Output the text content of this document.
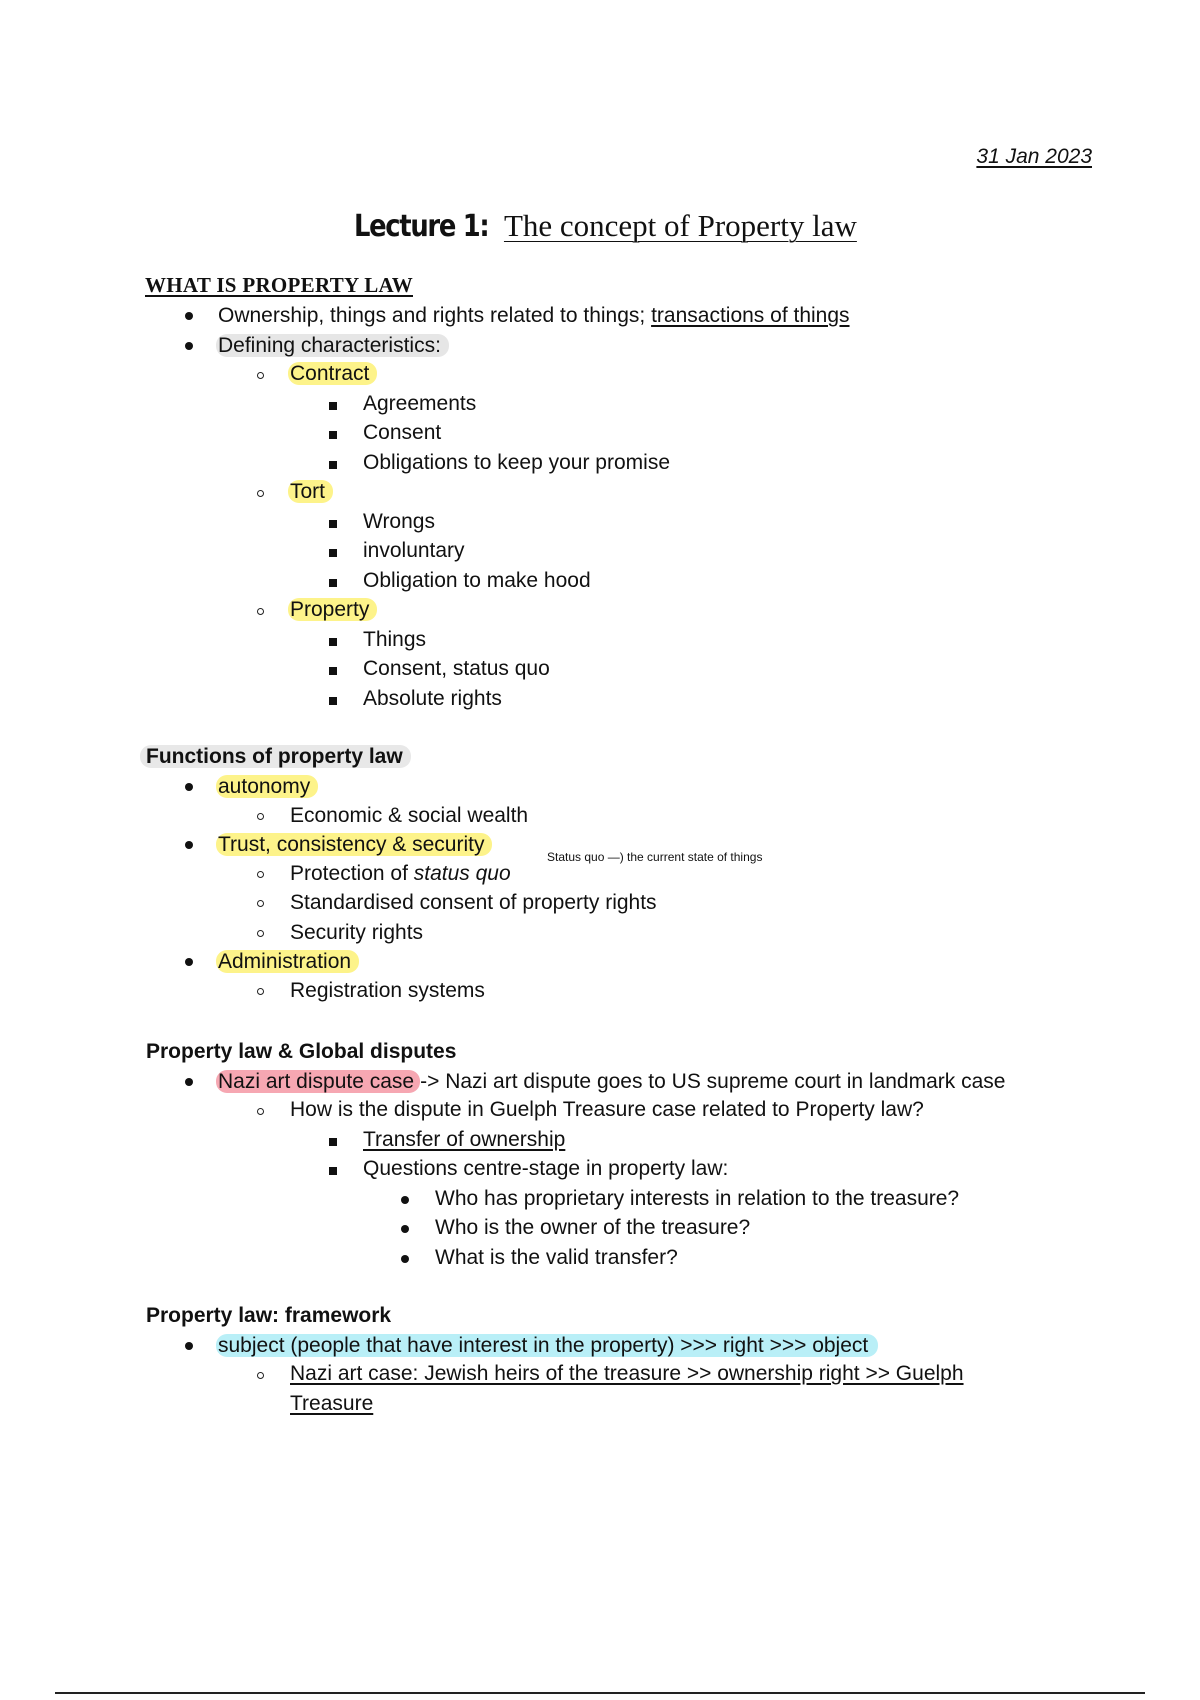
31 Jan 2023
Lecture 1: The concept of Property law
WHAT IS PROPERTY LAW
Ownership, things and rights related to things; transactions of things
Defining characteristics:
Contract
Agreements
Consent
Obligations to keep your promise
Tort
Wrongs
involuntary
Obligation to make hood
Property
Things
Consent, status quo
Absolute rights
Functions of property law
autonomy
Economic & social wealth
Trust, consistency & security
Status quo —) the current state of things
Protection of status quo
Standardised consent of property rights
Security rights
Administration
Registration systems
Property law & Global disputes
Nazi art dispute case -> Nazi art dispute goes to US supreme court in landmark case
How is the dispute in Guelph Treasure case related to Property law?
Transfer of ownership
Questions centre-stage in property law:
Who has proprietary interests in relation to the treasure?
Who is the owner of the treasure?
What is the valid transfer?
Property law: framework
subject (people that have interest in the property) >>> right >>> object
Nazi art case: Jewish heirs of the treasure >> ownership right >> Guelph
Treasure
